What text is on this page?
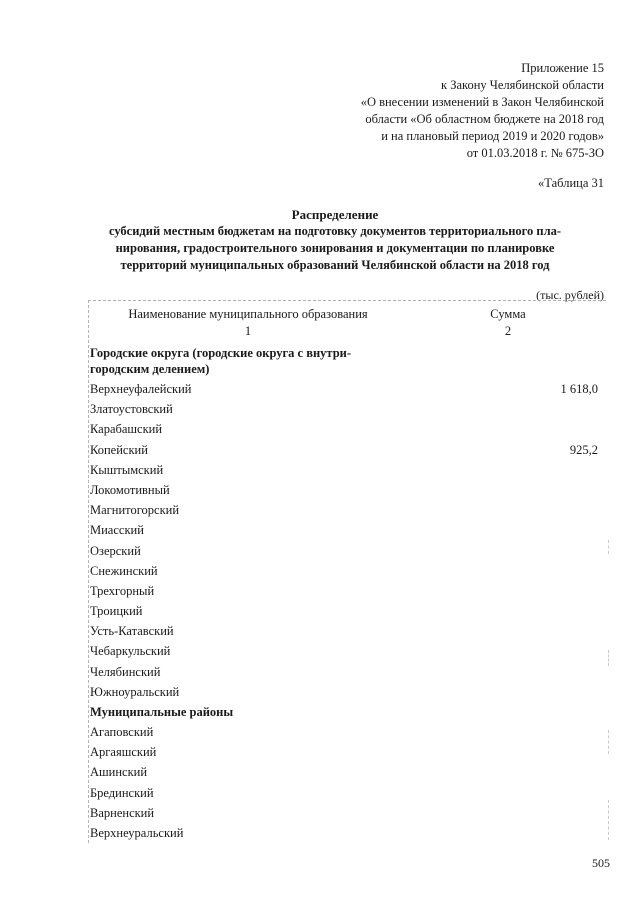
Приложение 15
к Закону Челябинской области
«О внесении изменений в Закон Челябинской
области «Об областном бюджете на 2018 год
и на плановый период 2019 и 2020 годов»
от 01.03.2018 г. № 675-ЗО
«Таблица 31
Распределение
субсидий местным бюджетам на подготовку документов территориального пла-
нирования, градостроительного зонирования и документации по планировке
территорий муниципальных образований Челябинской области на 2018 год
(тыс. рублей)
Наименование муниципального образования	Сумма
1	2
Городские округа (городские округа с внутри-городским делением)
Верхнеуфалейский	1 618,0
Златоустовский
Карабашский
Копейский	925,2
Кыштымский
Локомотивный
Магнитогорский
Миасский
Озерский
Снежинский
Трехгорный
Троицкий
Усть-Катавский
Чебаркульский
Челябинский
Южноуральский
Муниципальные районы
Агаповский
Аргаяшский
Ашинский
Брединский
Варненский
Верхнеуральский
505
